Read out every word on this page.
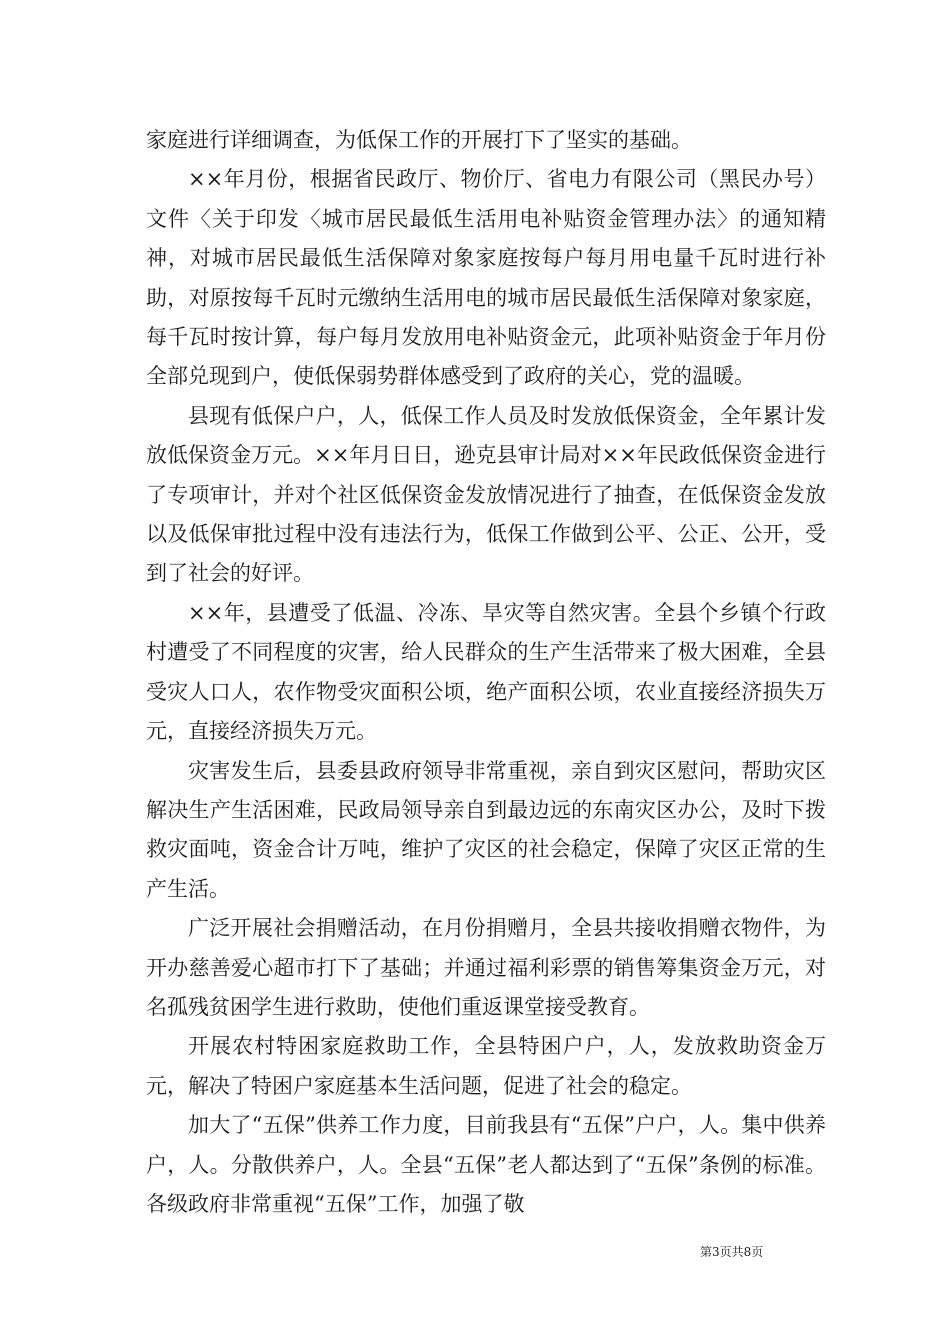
家庭进行详细调查，为低保工作的开展打下了坚实的基础。

××年月份，根据省民政厅、物价厅、省电力有限公司（黑民办号）文件〈关于印发〈城市居民最低生活用电补贴资金管理办法〉的通知精神，对城市居民最低生活保障对象家庭按每户每月用电量千瓦时进行补助，对原按每千瓦时元缴纳生活用电的城市居民最低生活保障对象家庭，每千瓦时按计算，每户每月发放用电补贴资金元，此项补贴资金于年月份全部兑现到户，使低保弱势群体感受到了政府的关心，党的温暖。

县现有低保户户，人，低保工作人员及时发放低保资金，全年累计发放低保资金万元。××年月日日，逊克县审计局对××年民政低保资金进行了专项审计，并对个社区低保资金发放情况进行了抽查，在低保资金发放以及低保审批过程中没有违法行为，低保工作做到公平、公正、公开，受到了社会的好评。

××年，县遭受了低温、冷冻、旱灾等自然灾害。全县个乡镇个行政村遭受了不同程度的灾害，给人民群众的生产生活带来了极大困难，全县受灾人口人，农作物受灾面积公顷，绝产面积公顷，农业直接经济损失万元，直接经济损失万元。

灾害发生后，县委县政府领导非常重视，亲自到灾区慰问，帮助灾区解决生产生活困难，民政局领导亲自到最边远的东南灾区办公，及时下拨救灾面吨，资金合计万吨，维护了灾区的社会稳定，保障了灾区正常的生产生活。

广泛开展社会捐赠活动，在月份捐赠月，全县共接收捐赠衣物件，为开办慈善爱心超市打下了基础；并通过福利彩票的销售筹集资金万元，对名孤残贫困学生进行救助，使他们重返课堂接受教育。

开展农村特困家庭救助工作，全县特困户户，人，发放救助资金万元，解决了特困户家庭基本生活问题，促进了社会的稳定。

加大了“五保”供养工作力度，目前我县有“五保”户户，人。集中供养户，人。分散供养户，人。全县“五保”老人都达到了“五保”条例的标准。各级政府非常重视“五保”工作，加强了敬

第3页共8页
